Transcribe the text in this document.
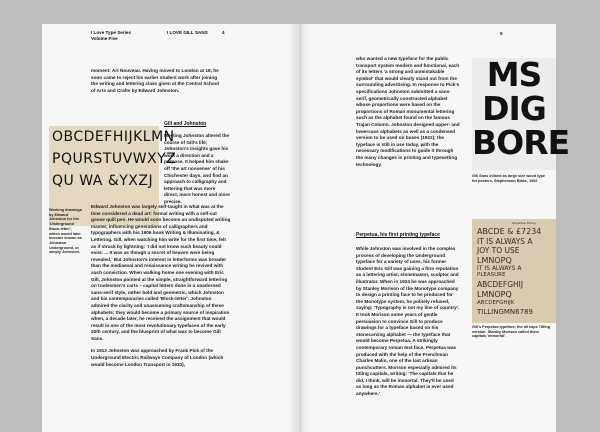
I Love Type Series
Volume Five
I LOVE GILL SANS	4
moment: Art Nouveau. Having moved to London at 18, he soon came to reject his earlier student work after joining the writing and lettering class given at the Central School of Arts and Crafts by Edward Johnston.
Gill and Johnston
Meeting Johnston altered the course of Gill's life; Johnston's insights gave his work a direction and a purpose. It helped him shake off 'the art nonsense' of his Chichester days, and find an approach to calligraphy and lettering that was more direct, more honest and more precise.
OBCDEFHIJKLMN
PQURSTUVWXYZ
QU WA &YXZJ
Working drawings by Edward Johnston for the 'Underground Block-letter', which would later become known as Johnston Underground, or simply Johnston.

Edward Johnston was largely self-taught in what was at the time considered a dead art: formal writing with a self-cut goose quill pen. He would soon become an undisputed writing master, influencing generations of calligraphers and typographers with his 1906 book Writing & Illuminating, & Lettering. Gill, when watching him write for the first time, felt as if struck by lightning: 'I did not know such beauty could exist. ... It was as though a secret of heaven were being revealed.' But Johnston's interest in letterforms was broader than the mediaeval and renaissance writing he revived with such conviction. When walking home one evening with Eric Gill, Johnston pointed at the simple, straightforward lettering on tradesmen's carts – capital letters done in a unadorned sans-serif style, rather bold and geometric, which Johnston and his contemporaries called 'Block-letter'. Johnston admired the clarity and unassuming craftsmanship of these alphabets; they would become a primary source of inspiration when, a decade later, he received the assignment that would result in one of the most revolutionary typefaces of the early 20th century, and the blueprint of what was to become Gill Sans.

In 1913 Johnston was approached by Frank Pick of the Underground Electric Railways Company of London (which would become London Transport in 1933),

5
who wanted a new typeface for the public transport system modern and functional, each of its letters 'a strong and unmistakable symbol' that would clearly stand out from the surrounding advertising. In response to Pick's specifications Johnston submitted a sans-serif, geometrically constructed alphabet whose proportions were based on the proportions of Roman monumental lettering such as the alphabet found on the famous Trajan Column. Johnston designed upper- and lowercase alphabets as well as a condensed version to be used on buses (1922); the typeface is still in use today, with the necessary modifications to guide it through the many changes in printing and typesetting technology.
Perpetua, his first printing typeface
While Johnston was involved in the complex process of developing the Underground typeface for a variety of uses, his former student Eric Gill was gaining a firm reputation as a lettering artist, stonemason, sculptor and illustrator. When in 1924 he was approached by Stanley Morison of the Monotype company to design a printing face to be produced for the Monotype system, he politely refused, saying: 'Typography is not my line of country'. It took Morison some years of gentle persuasion to convince Gill to produce drawings for a typeface based on his stonecarving alphabet — the typeface that would become Perpetua. A strikingly contemporary roman text face, Perpetua was produced with the help of the Frenchman Charles Malin, one of the last artisan punchcutters. Morison especially admired its titling capitals, writing: 'The capitals that he did, I think, will be immortal. They'll be used as long as the Roman alphabet is ever used anywhere.'
MS
DIG
BORE
Gill Sans inlined as large size wood type for posters, Stephenson Blake, 1962
Perpetua Titling
ABCDE & £7234
IT IS ALWAYS A
JOY TO USE
LMNOPQ
IT IS ALWAYS A
PLEASURE
ABCDEFGHIJ
LMNOPQ
ABCDEFGHIJK
TILLINGMN6789
Gill's Perpetua typeface, the all caps Titling version. Stanley Morison called them capitals 'immortal'.
